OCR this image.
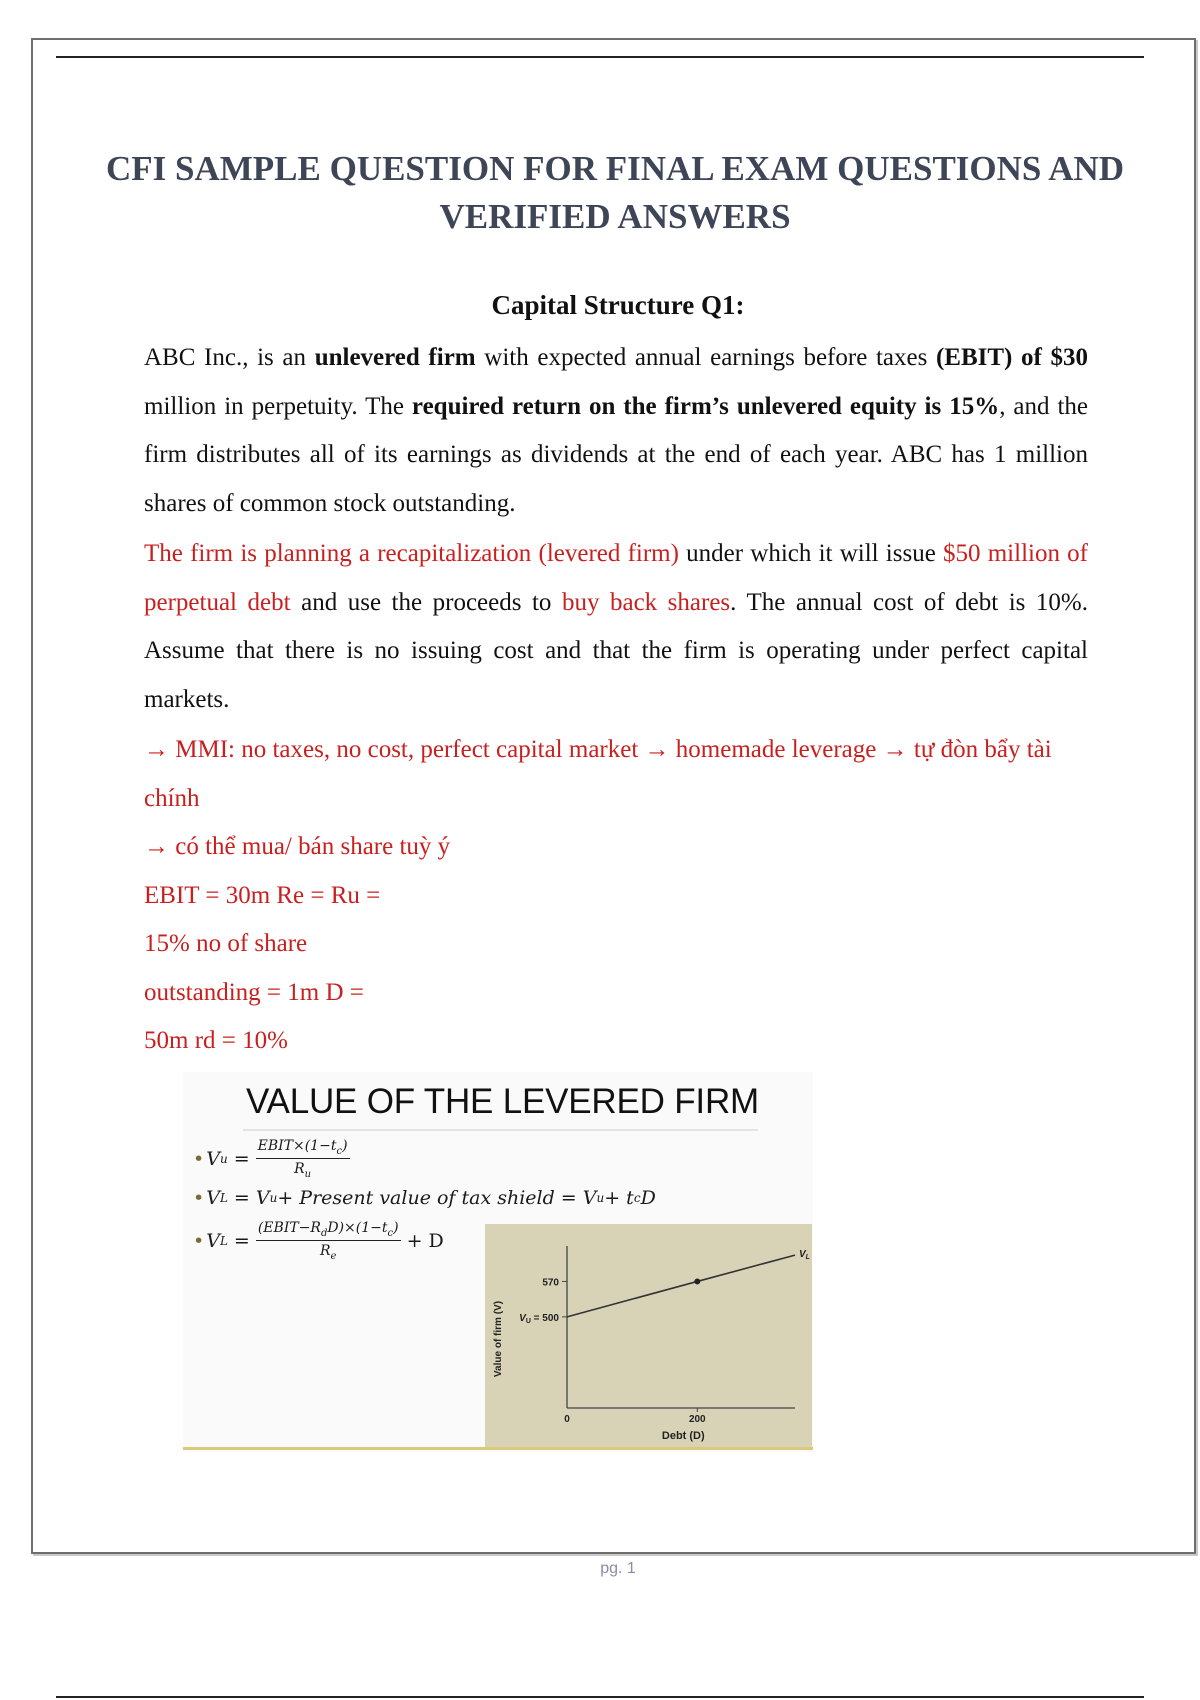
CFI SAMPLE QUESTION FOR FINAL EXAM QUESTIONS AND
VERIFIED ANSWERS
Capital Structure Q1:

ABC Inc., is an unlevered firm with expected annual earnings before taxes (EBIT) of $30 million in perpetuity. The required return on the firm’s unlevered equity is 15%, and the firm distributes all of its earnings as dividends at the end of each year. ABC has 1 million shares of common stock outstanding.

The firm is planning a recapitalization (levered firm) under which it will issue $50 million of perpetual debt and use the proceeds to buy back shares. The annual cost of debt is 10%. Assume that there is no issuing cost and that the firm is operating under perfect capital markets.

→ MMI: no taxes, no cost, perfect capital market → homemade leverage → tự đòn bẩy tài chính

→ có thể mua/ bán share tuỳ ý

EBIT = 30m Re = Ru =

15% no of share

outstanding = 1m D =

50m rd = 10%

VALUE OF THE LEVERED FIRM
• V $u = \frac{EBIT\times(1-t_c)}{R_u}$
• V L = V u + Present value of tax shield = V u + t c D
• V $L = \frac{(EBIT-R_dD)\times(1-t_c)}{R_e} + D$
570
$V_U = 500$
0	200
Debt (D)
Value of firm (V)
$V_L$
pg. 1
